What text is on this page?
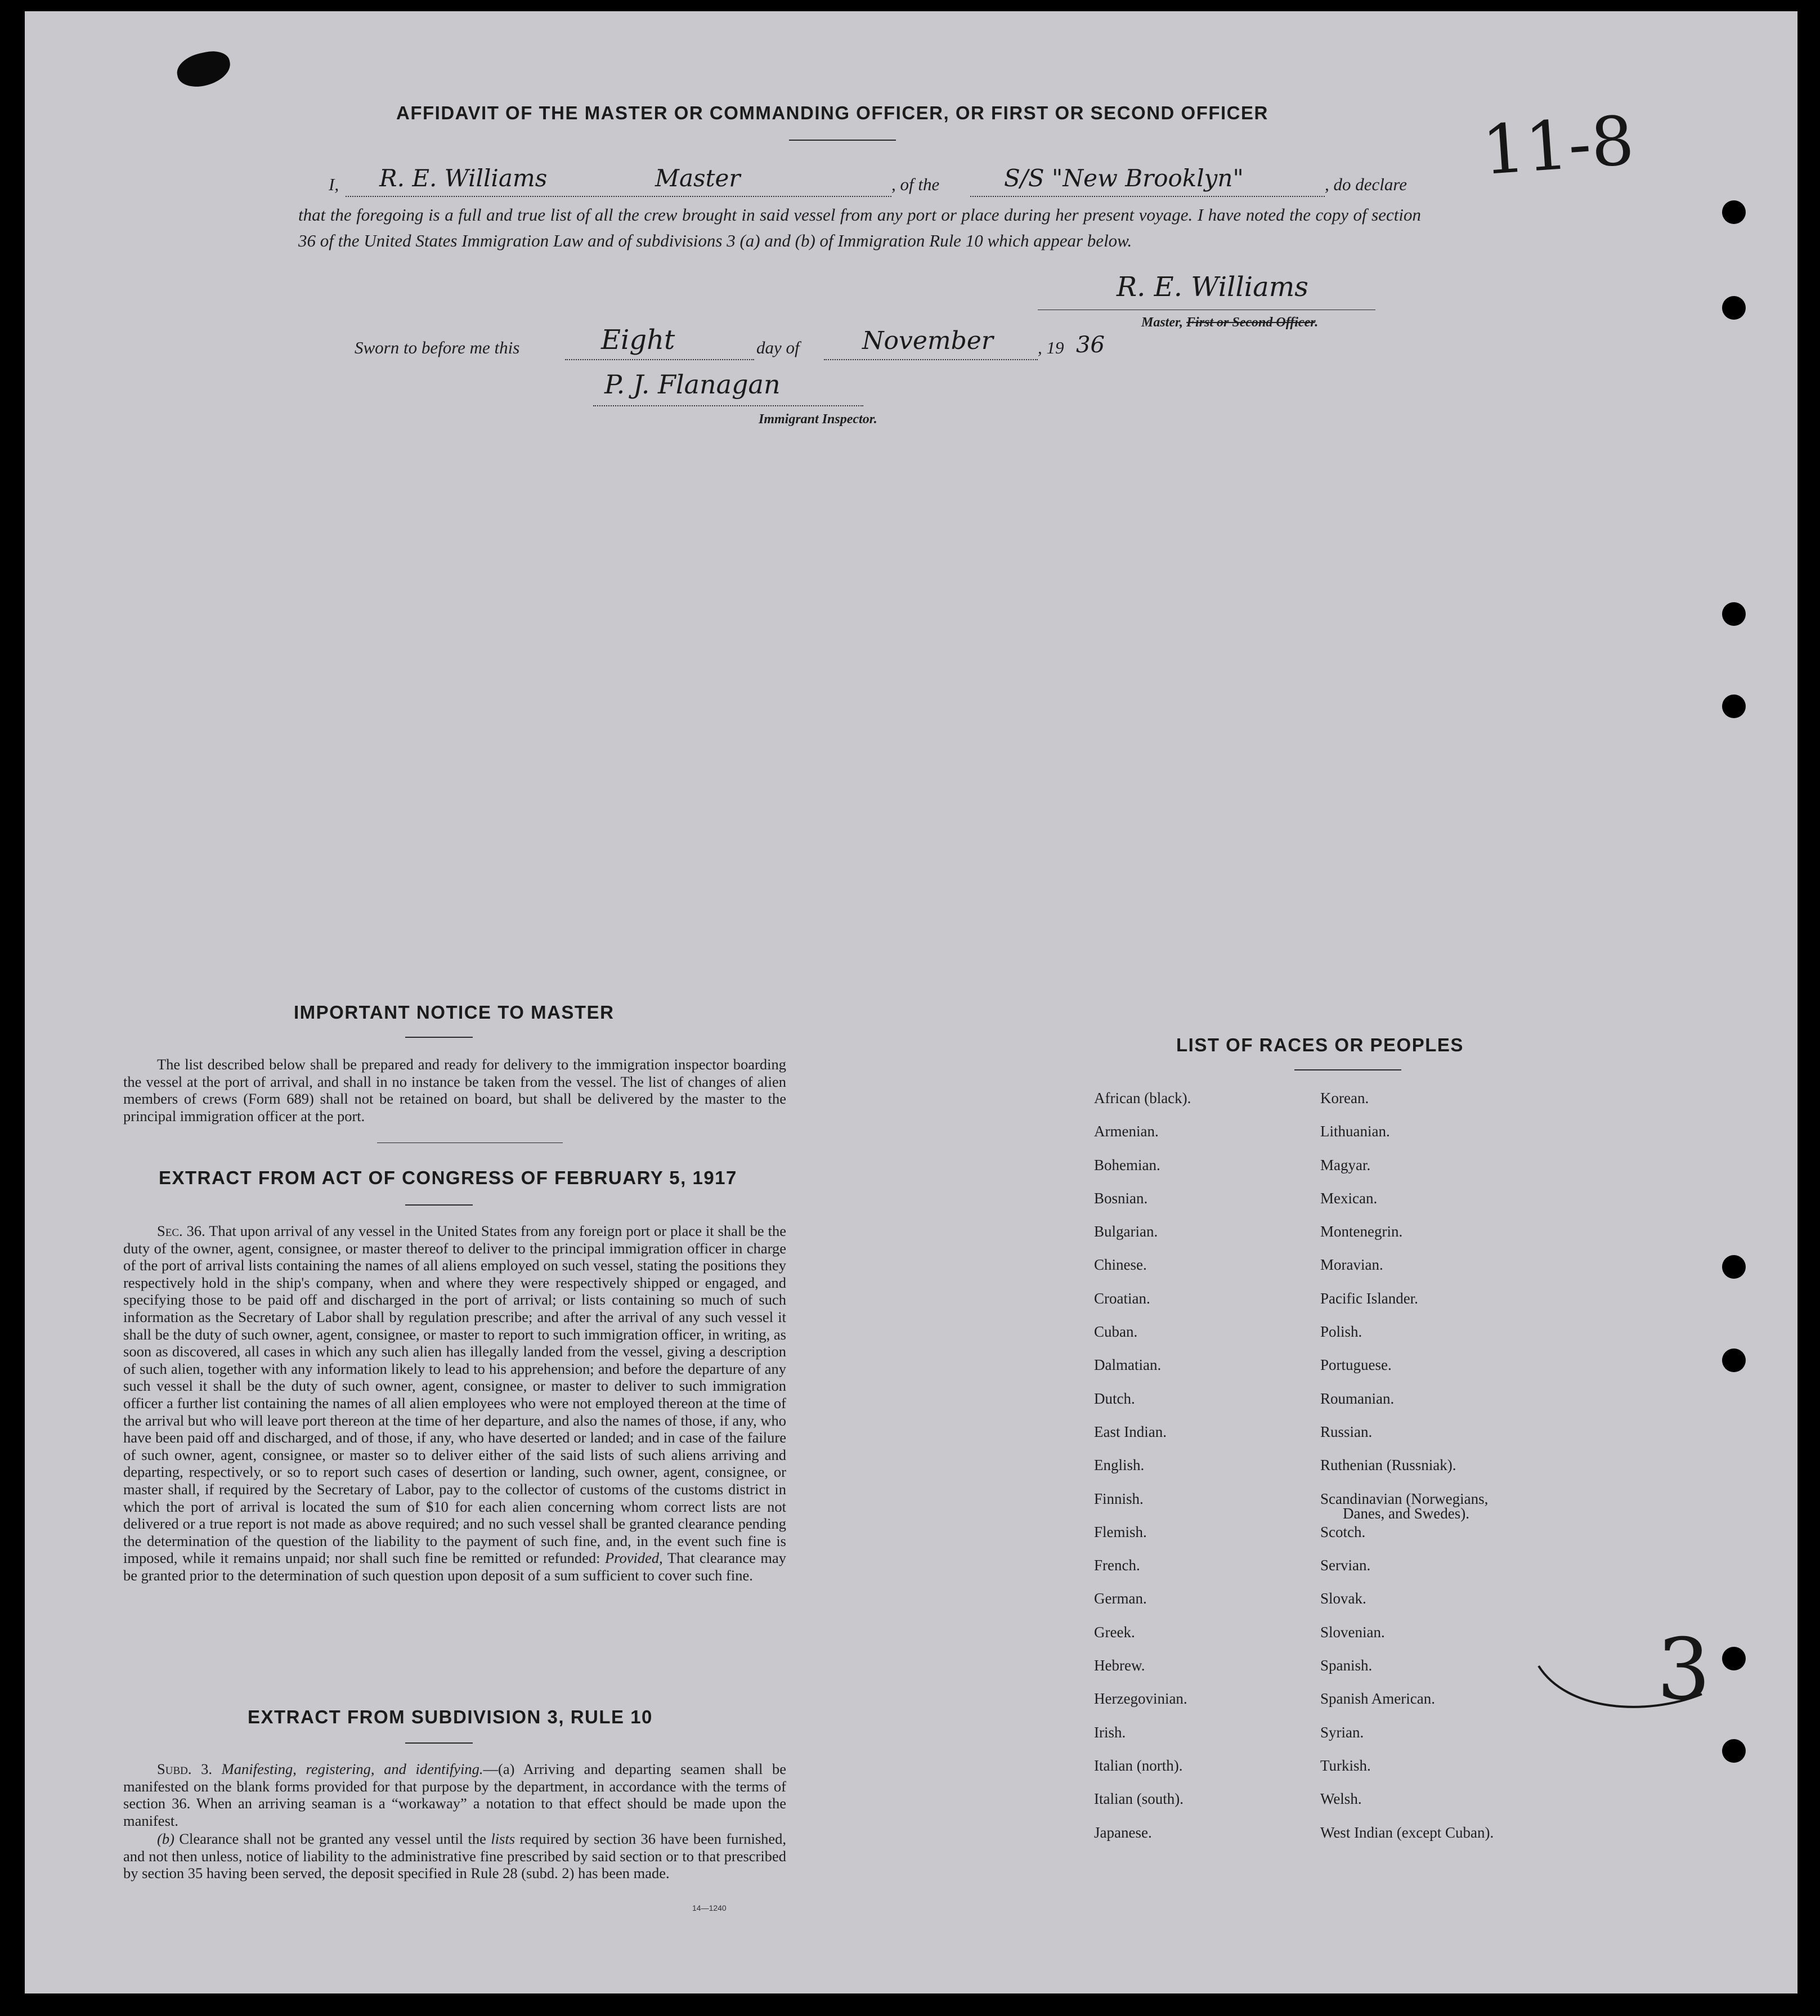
11-8
3
AFFIDAVIT OF THE MASTER OR COMMANDING OFFICER, OR FIRST OR SECOND OFFICER
I, R. E. Williams	Master	, of the	S/S "New Brooklyn"	, do declare
that the foregoing is a full and true list of all the crew brought in said vessel from any port or place during her present voyage. I have noted the copy of section 36 of the United States Immigration Law and of subdivisions 3 (a) and (b) of Immigration Rule 10 which appear below.
R. E. Williams
Master, First or Second Officer.
Sworn to before me this	Eight	day of	November	, 19 36
P. J. Flanagan
Immigrant Inspector.
IMPORTANT NOTICE TO MASTER

The list described below shall be prepared and ready for delivery to the immigration inspector boarding the vessel at the port of arrival, and shall in no instance be taken from the vessel. The list of changes of alien members of crews (Form 689) shall not be retained on board, but shall be delivered by the master to the principal immigration officer at the port.

EXTRACT FROM ACT OF CONGRESS OF FEBRUARY 5, 1917

Sec. 36. That upon arrival of any vessel in the United States from any foreign port or place it shall be the duty of the owner, agent, consignee, or master thereof to deliver to the principal immigration officer in charge of the port of arrival lists containing the names of all aliens employed on such vessel, stating the positions they respectively hold in the ship's company, when and where they were respectively shipped or engaged, and specifying those to be paid off and discharged in the port of arrival; or lists containing so much of such information as the Secretary of Labor shall by regulation prescribe; and after the arrival of any such vessel it shall be the duty of such owner, agent, consignee, or master to report to such immigration officer, in writing, as soon as discovered, all cases in which any such alien has illegally landed from the vessel, giving a description of such alien, together with any information likely to lead to his apprehension; and before the departure of any such vessel it shall be the duty of such owner, agent, consignee, or master to deliver to such immigration officer a further list containing the names of all alien employees who were not employed thereon at the time of the arrival but who will leave port thereon at the time of her departure, and also the names of those, if any, who have been paid off and discharged, and of those, if any, who have deserted or landed; and in case of the failure of such owner, agent, consignee, or master so to deliver either of the said lists of such aliens arriving and departing, respectively, or so to report such cases of desertion or landing, such owner, agent, consignee, or master shall, if required by the Secretary of Labor, pay to the collector of customs of the customs district in which the port of arrival is located the sum of $10 for each alien concerning whom correct lists are not delivered or a true report is not made as above required; and no such vessel shall be granted clearance pending the determination of the question of the liability to the payment of such fine, and, in the event such fine is imposed, while it remains unpaid; nor shall such fine be remitted or refunded: Provided, That clearance may be granted prior to the determination of such question upon deposit of a sum sufficient to cover such fine.

EXTRACT FROM SUBDIVISION 3, RULE 10

Subd. 3. Manifesting, registering, and identifying.—(a) Arriving and departing seamen shall be manifested on the blank forms provided for that purpose by the department, in accordance with the terms of section 36. When an arriving seaman is a “workaway” a notation to that effect should be made upon the manifest.

(b) Clearance shall not be granted any vessel until the lists required by section 36 have been furnished, and not then unless, notice of liability to the administrative fine prescribed by said section or to that prescribed by section 35 having been served, the deposit specified in Rule 28 (subd. 2) has been made.

14—1240
LIST OF RACES OR PEOPLES
African (black).
Armenian.
Bohemian.
Bosnian.
Bulgarian.
Chinese.
Croatian.
Cuban.
Dalmatian.
Dutch.
East Indian.
English.
Finnish.
Flemish.
French.
German.
Greek.
Hebrew.
Herzegovinian.
Irish.
Italian (north).
Italian (south).
Japanese.
Korean.
Lithuanian.
Magyar.
Mexican.
Montenegrin.
Moravian.
Pacific Islander.
Polish.
Portuguese.
Roumanian.
Russian.
Ruthenian (Russniak).
Scandinavian (Norwegians,
Danes, and Swedes).
Scotch.
Servian.
Slovak.
Slovenian.
Spanish.
Spanish American.
Syrian.
Turkish.
Welsh.
West Indian (except Cuban).
